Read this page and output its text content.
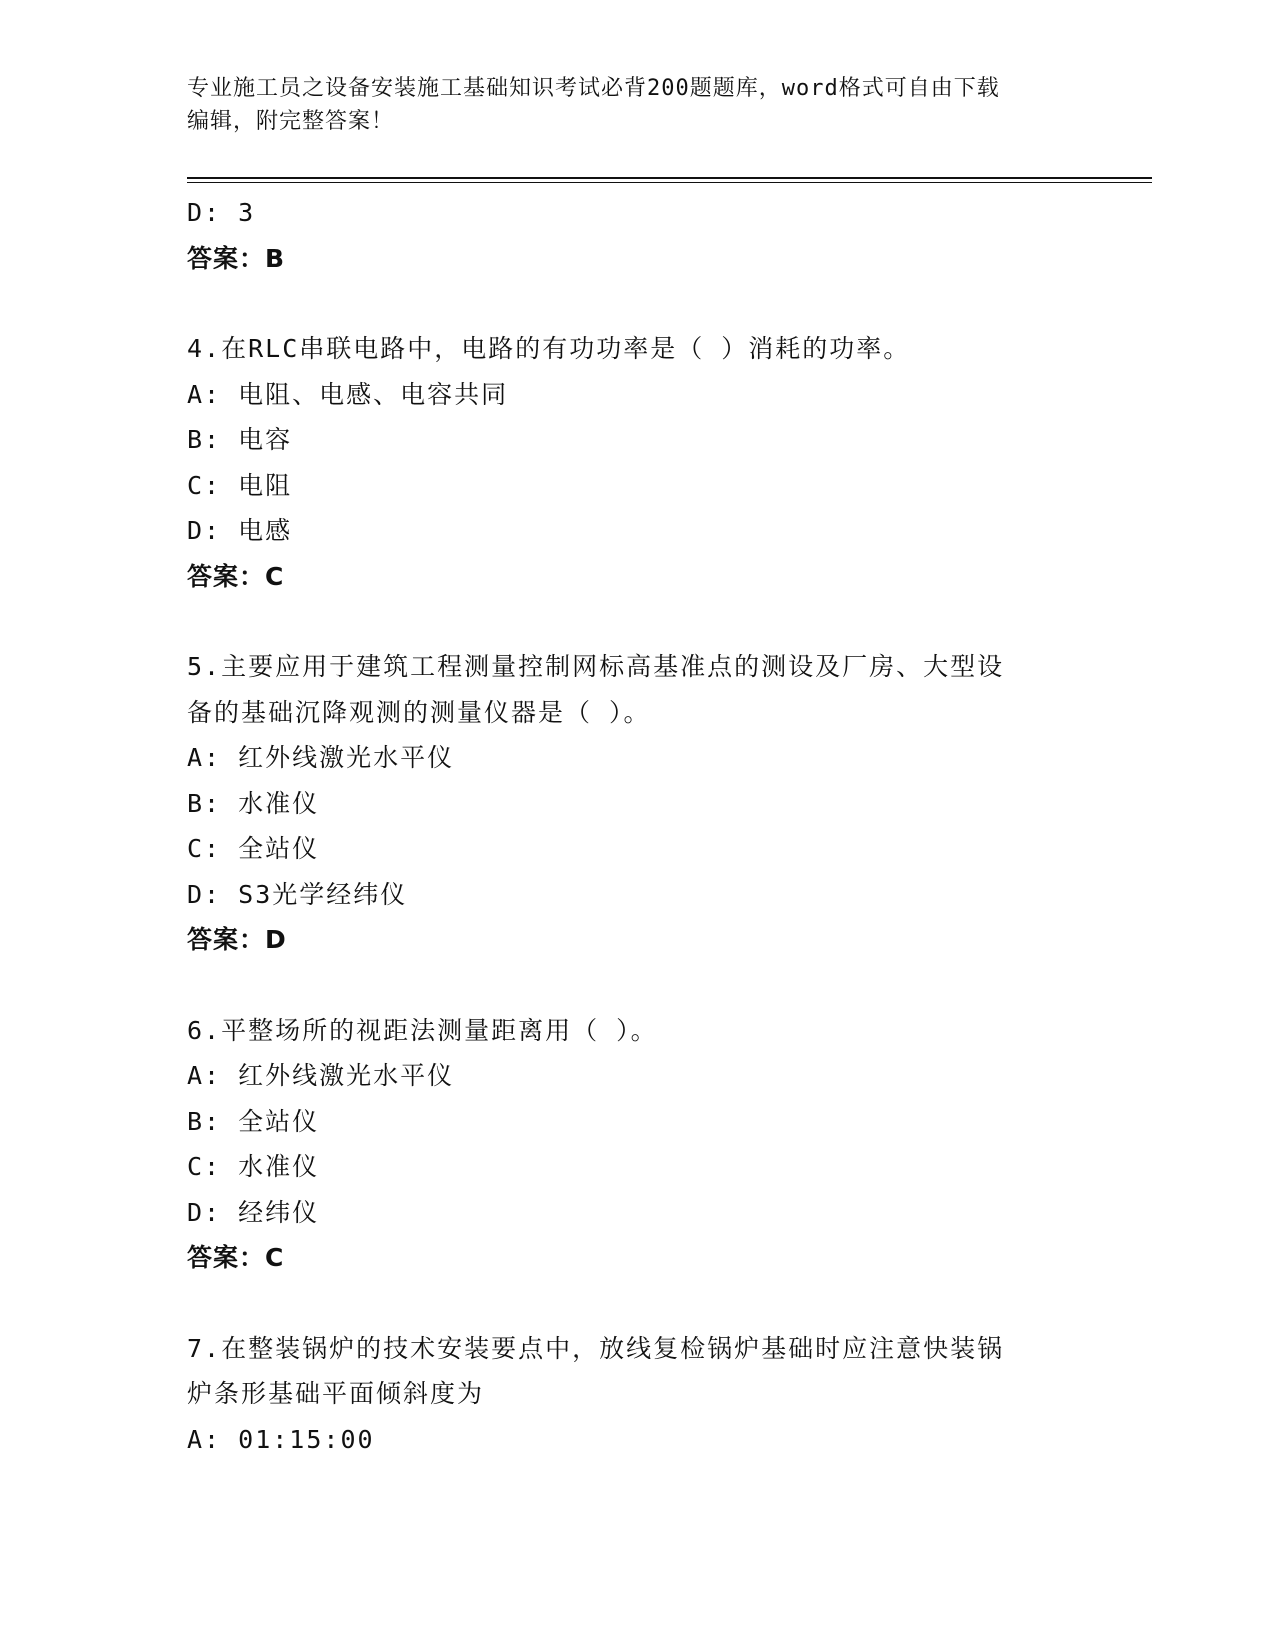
专业施工员之设备安装施工基础知识考试必背200题题库，word格式可自由下载
编辑，附完整答案！
D: 3
答案：B
4.在RLC串联电路中，电路的有功功率是（ ）消耗的功率。
A: 电阻、电感、电容共同
B: 电容
C: 电阻
D: 电感
答案：C
5.主要应用于建筑工程测量控制网标高基准点的测设及厂房、大型设
备的基础沉降观测的测量仪器是（ ）。
A: 红外线激光水平仪
B: 水准仪
C: 全站仪
D: S3光学经纬仪
答案：D
6.平整场所的视距法测量距离用（ ）。
A: 红外线激光水平仪
B: 全站仪
C: 水准仪
D: 经纬仪
答案：C
7.在整装锅炉的技术安装要点中，放线复检锅炉基础时应注意快装锅
炉条形基础平面倾斜度为
A: 01:15:00
